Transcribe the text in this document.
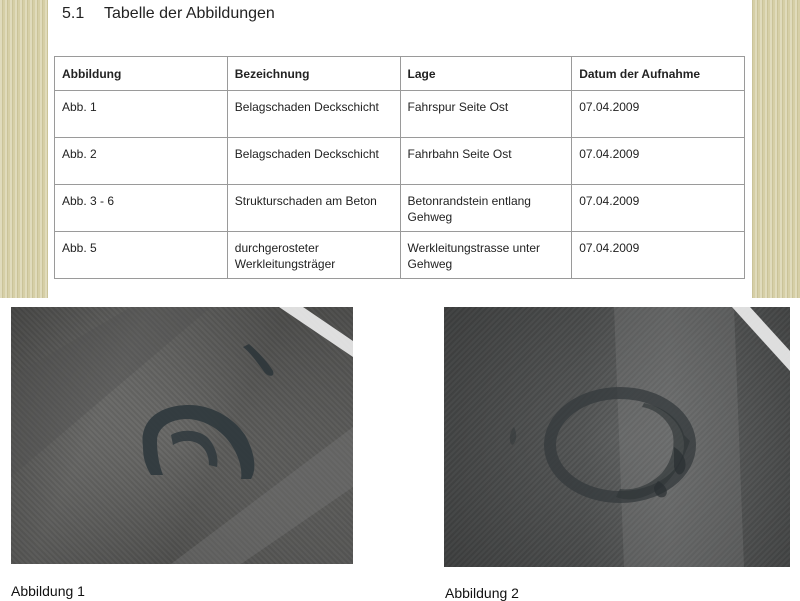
5.1 Tabelle der Abbildungen
Abbildung	Bezeichnung	Lage	Datum der Aufnahme
Abb. 1	Belagschaden Deckschicht	Fahrspur Seite Ost	07.04.2009
Abb. 2	Belagschaden Deckschicht	Fahrbahn Seite Ost	07.04.2009
Abb. 3 - 6	Strukturschaden am Beton	Betonrandstein entlang Gehweg	07.04.2009
Abb. 5	durchgerosteter Werkleitungsträger	Werkleitungstrasse unter Gehweg	07.04.2009
Abbildung 1	Abbildung 2
